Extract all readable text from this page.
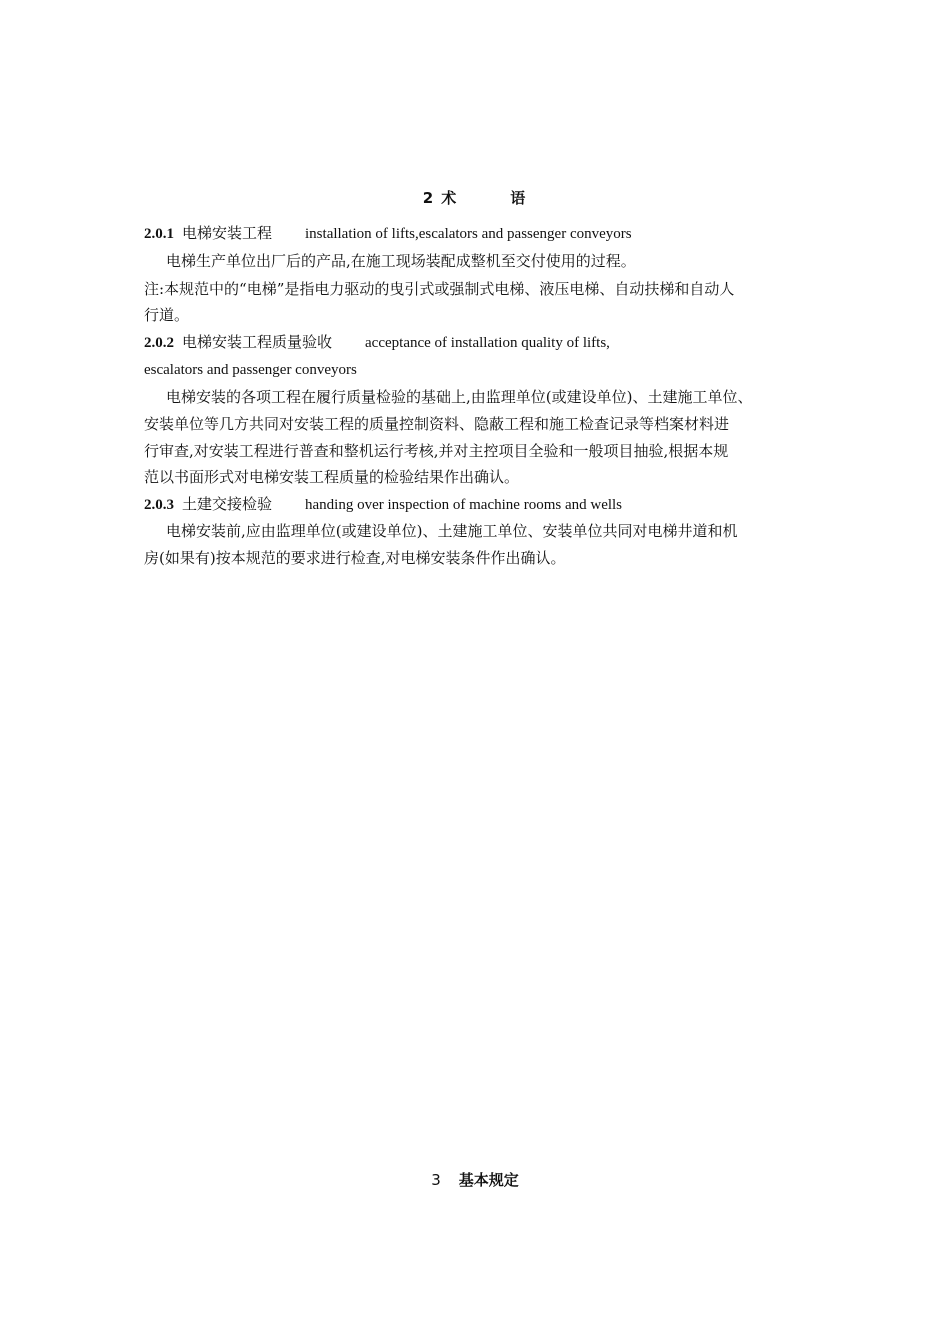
2 术	语
2.0.1 电梯安装工程 installation of lifts,escalators and passenger conveyors
电梯生产单位出厂后的产品,在施工现场装配成整机至交付使用的过程。
注:本规范中的“电梯”是指电力驱动的曳引式或强制式电梯、液压电梯、自动扶梯和自动人
行道。
2.0.2 电梯安装工程质量验收 acceptance of installation quality of lifts,
escalators and passenger conveyors
电梯安装的各项工程在履行质量检验的基础上,由监理单位(或建设单位)、土建施工单位、
安装单位等几方共同对安装工程的质量控制资料、隐蔽工程和施工检查记录等档案材料进
行审查,对安装工程进行普查和整机运行考核,并对主控项目全验和一般项目抽验,根据本规
范以书面形式对电梯安装工程质量的检验结果作出确认。
2.0.3 土建交接检验 handing over inspection of machine rooms and wells
电梯安装前,应由监理单位(或建设单位)、土建施工单位、安装单位共同对电梯井道和机
房(如果有)按本规范的要求进行检查,对电梯安装条件作出确认。
3 基本规定
